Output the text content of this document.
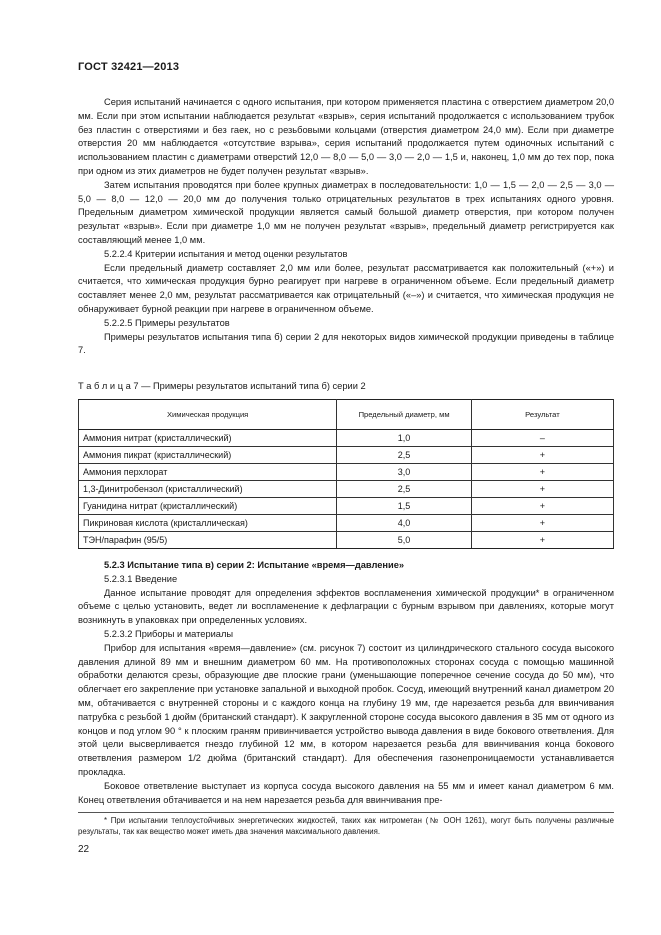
ГОСТ 32421—2013

Серия испытаний начинается с одного испытания, при котором применяется пластина с отверстием диаметром 20,0 мм. Если при этом испытании наблюдается результат «взрыв», серия испытаний продолжается с использованием трубок без пластин с отверстиями и без гаек, но с резьбовыми кольцами (отверстия диаметром 24,0 мм). Если при диаметре отверстия 20 мм наблюдается «отсутствие взрыва», серия испытаний продолжается путем одиночных испытаний с использованием пластин с диаметрами отверстий 12,0 — 8,0 — 5,0 — 3,0 — 2,0 — 1,5 и, наконец, 1,0 мм до тех пор, пока при одном из этих диаметров не будет получен результат «взрыв».

Затем испытания проводятся при более крупных диаметрах в последовательности: 1,0 — 1,5 — 2,0 — 2,5 — 3,0 — 5,0 — 8,0 — 12,0 — 20,0 мм до получения только отрицательных результатов в трех испытаниях одного уровня. Предельным диаметром химической продукции является самый большой диаметр отверстия, при котором получен результат «взрыв». Если при диаметре 1,0 мм не получен результат «взрыв», предельный диаметр регистрируется как составляющий менее 1,0 мм.

5.2.2.4 Критерии испытания и метод оценки результатов

Если предельный диаметр составляет 2,0 мм или более, результат рассматривается как положительный («+») и считается, что химическая продукция бурно реагирует при нагреве в ограниченном объеме. Если предельный диаметр составляет менее 2,0 мм, результат рассматривается как отрицательный («–») и считается, что химическая продукция не обнаруживает бурной реакции при нагреве в ограниченном объеме.

5.2.2.5 Примеры результатов

Примеры результатов испытания типа б) серии 2 для некоторых видов химической продукции приведены в таблице 7.

Т а б л и ц а 7 — Примеры результатов испытаний типа б) серии 2
Химическая продукция	Предельный диаметр, мм	Результат
Аммония нитрат (кристаллический)	1,0	–
Аммония пикрат (кристаллический)	2,5	+
Аммония перхлорат	3,0	+
1,3-Динитробензол (кристаллический)	2,5	+
Гуанидина нитрат (кристаллический)	1,5	+
Пикриновая кислота (кристаллическая)	4,0	+
ТЭН/парафин (95/5)	5,0	+

5.2.3 Испытание типа в) серии 2: Испытание «время—давление»

5.2.3.1 Введение

Данное испытание проводят для определения эффектов воспламенения химической продукции* в ограниченном объеме с целью установить, ведет ли воспламенение к дефлаграции с бурным взрывом при давлениях, которые могут возникнуть в упаковках при определенных условиях.

5.2.3.2 Приборы и материалы

Прибор для испытания «время—давление» (см. рисунок 7) состоит из цилиндрического стального сосуда высокого давления длиной 89 мм и внешним диаметром 60 мм. На противоположных сторонах сосуда с помощью машинной обработки делаются срезы, образующие две плоские грани (уменьшающие поперечное сечение сосуда до 50 мм), что облегчает его закрепление при установке запальной и выходной пробок. Сосуд, имеющий внутренний канал диаметром 20 мм, обтачивается с внутренней стороны и с каждого конца на глубину 19 мм, где нарезается резьба для ввинчивания патрубка с резьбой 1 дюйм (британский стандарт). К закругленной стороне сосуда высокого давления в 35 мм от одного из концов и под углом 90 ° к плоским граням привинчивается устройство вывода давления в виде бокового ответвления. Для этой цели высверливается гнездо глубиной 12 мм, в котором нарезается резьба для ввинчивания конца бокового ответвления размером 1/2 дюйма (британский стандарт). Для обеспечения газонепроницаемости устанавливается прокладка.

Боковое ответвление выступает из корпуса сосуда высокого давления на 55 мм и имеет канал диаметром 6 мм. Конец ответвления обтачивается и на нем нарезается резьба для ввинчивания пре-

* При испытании теплоустойчивых энергетических жидкостей, таких как нитрометан (№ ООН 1261), могут быть получены различные результаты, так как вещество может иметь два значения максимального давления.

22
